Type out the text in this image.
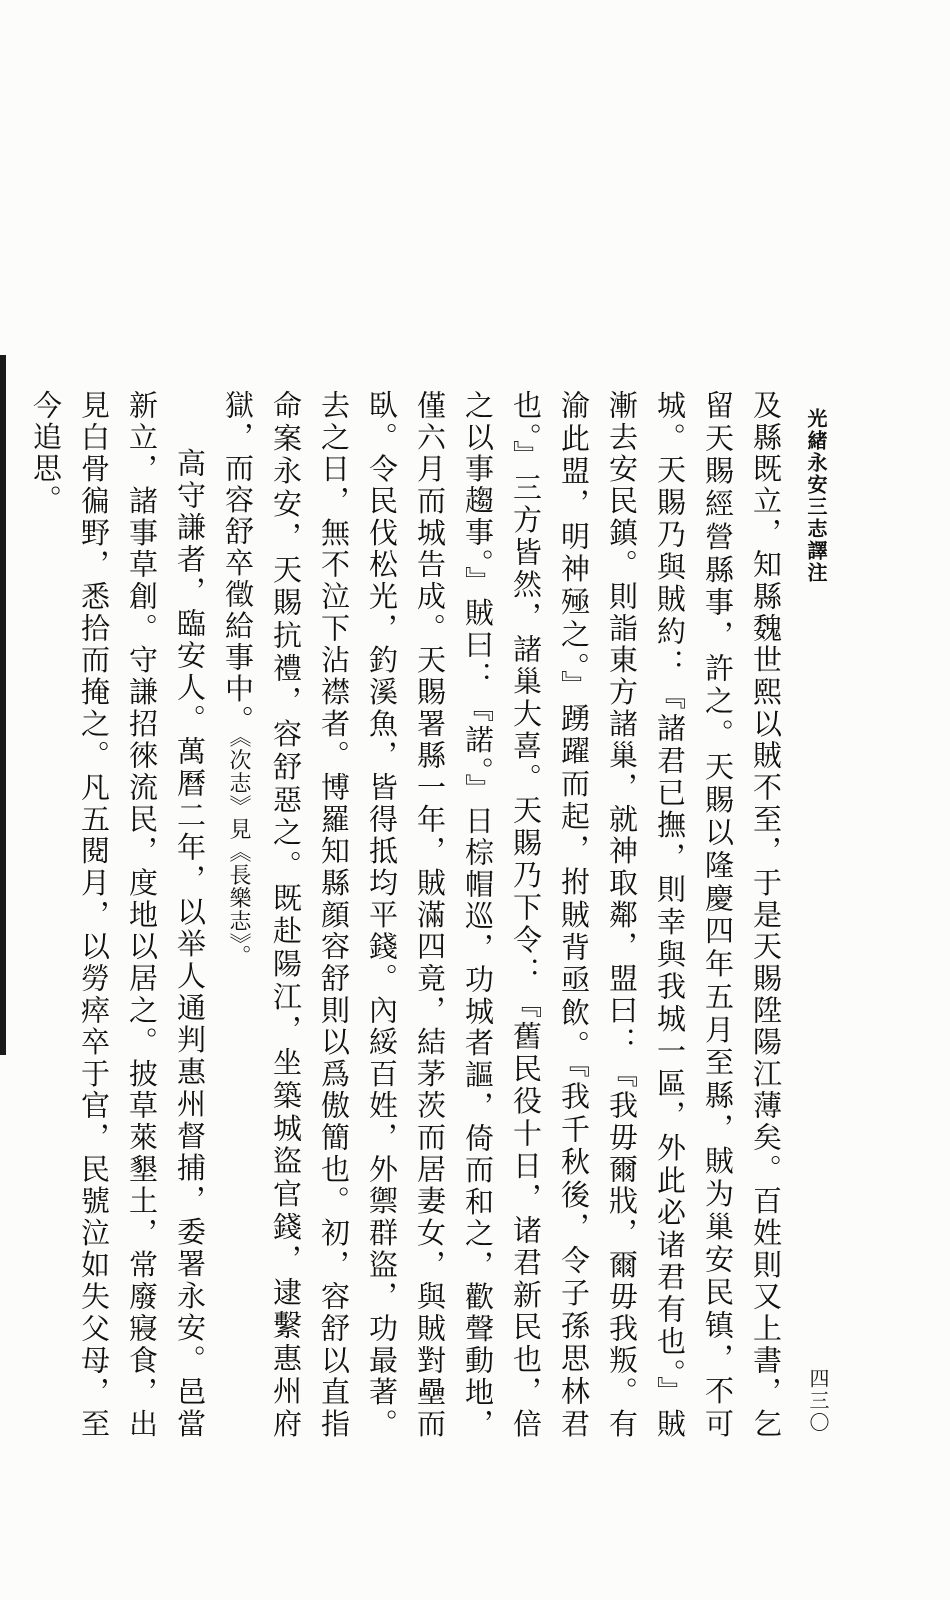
光緒永安三志譯注
四三〇

及縣既立，知縣魏世熙以賊不至，于是天賜陞陽江薄矣。百姓則又上書，乞留天賜經營縣事，許之。天賜以隆慶四年五月至縣，賊为巢安民镇，不可城。天賜乃與賊約：『諸君已撫，則幸與我城一區，外此必诸君有也。』賊漸去安民鎮。則詣東方諸巢，就神取鄰，盟曰：『我毋爾戕，爾毋我叛。有渝此盟，明神殛之。』踴躍而起，拊賊背亟飲。『我千秋後，令子孫思林君也。』三方皆然，諸巢大喜。天賜乃下令：『舊民役十日，诸君新民也，倍之以事趨事。』賊曰：『諾。』日棕帽巡，功城者謳，倚而和之，歡聲動地，僅六月而城告成。天賜署縣一年，賊滿四竟，結茅茨而居妻女，與賊對壘而臥。令民伐松光，釣溪魚，皆得抵均平錢。內綏百姓，外禦群盜，功最著。去之日，無不泣下沾襟者。博羅知縣顔容舒則以爲傲簡也。初，容舒以直指命案永安，天賜抗禮，容舒惡之。既赴陽江，坐築城盜官錢，逮繫惠州府獄，而容舒卒徵給事中。《次志》見《長樂志》。

高守謙者，臨安人。萬曆二年，以举人通判惠州督捕，委署永安。邑當新立，諸事草創。守謙招徠流民，度地以居之。披草萊墾土，常廢寢食，出見白骨徧野，悉拾而掩之。凡五閱月，以勞瘁卒于官，民號泣如失父母，至今追思。
